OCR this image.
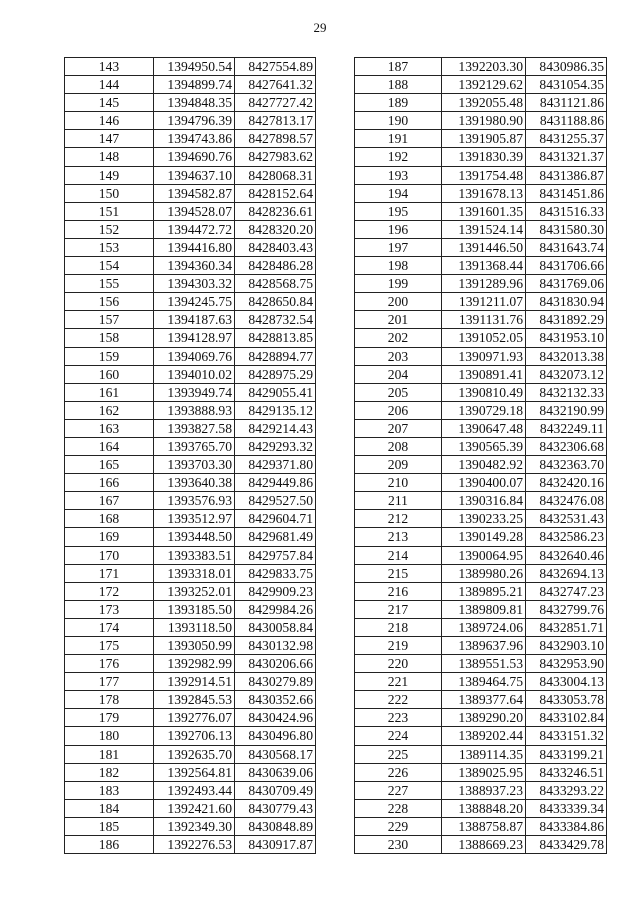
29
143	1394950.54	8427554.89
144	1394899.74	8427641.32
145	1394848.35	8427727.42
146	1394796.39	8427813.17
147	1394743.86	8427898.57
148	1394690.76	8427983.62
149	1394637.10	8428068.31
150	1394582.87	8428152.64
151	1394528.07	8428236.61
152	1394472.72	8428320.20
153	1394416.80	8428403.43
154	1394360.34	8428486.28
155	1394303.32	8428568.75
156	1394245.75	8428650.84
157	1394187.63	8428732.54
158	1394128.97	8428813.85
159	1394069.76	8428894.77
160	1394010.02	8428975.29
161	1393949.74	8429055.41
162	1393888.93	8429135.12
163	1393827.58	8429214.43
164	1393765.70	8429293.32
165	1393703.30	8429371.80
166	1393640.38	8429449.86
167	1393576.93	8429527.50
168	1393512.97	8429604.71
169	1393448.50	8429681.49
170	1393383.51	8429757.84
171	1393318.01	8429833.75
172	1393252.01	8429909.23
173	1393185.50	8429984.26
174	1393118.50	8430058.84
175	1393050.99	8430132.98
176	1392982.99	8430206.66
177	1392914.51	8430279.89
178	1392845.53	8430352.66
179	1392776.07	8430424.96
180	1392706.13	8430496.80
181	1392635.70	8430568.17
182	1392564.81	8430639.06
183	1392493.44	8430709.49
184	1392421.60	8430779.43
185	1392349.30	8430848.89
186	1392276.53	8430917.87
187	1392203.30	8430986.35
188	1392129.62	8431054.35
189	1392055.48	8431121.86
190	1391980.90	8431188.86
191	1391905.87	8431255.37
192	1391830.39	8431321.37
193	1391754.48	8431386.87
194	1391678.13	8431451.86
195	1391601.35	8431516.33
196	1391524.14	8431580.30
197	1391446.50	8431643.74
198	1391368.44	8431706.66
199	1391289.96	8431769.06
200	1391211.07	8431830.94
201	1391131.76	8431892.29
202	1391052.05	8431953.10
203	1390971.93	8432013.38
204	1390891.41	8432073.12
205	1390810.49	8432132.33
206	1390729.18	8432190.99
207	1390647.48	8432249.11
208	1390565.39	8432306.68
209	1390482.92	8432363.70
210	1390400.07	8432420.16
211	1390316.84	8432476.08
212	1390233.25	8432531.43
213	1390149.28	8432586.23
214	1390064.95	8432640.46
215	1389980.26	8432694.13
216	1389895.21	8432747.23
217	1389809.81	8432799.76
218	1389724.06	8432851.71
219	1389637.96	8432903.10
220	1389551.53	8432953.90
221	1389464.75	8433004.13
222	1389377.64	8433053.78
223	1389290.20	8433102.84
224	1389202.44	8433151.32
225	1389114.35	8433199.21
226	1389025.95	8433246.51
227	1388937.23	8433293.22
228	1388848.20	8433339.34
229	1388758.87	8433384.86
230	1388669.23	8433429.78
